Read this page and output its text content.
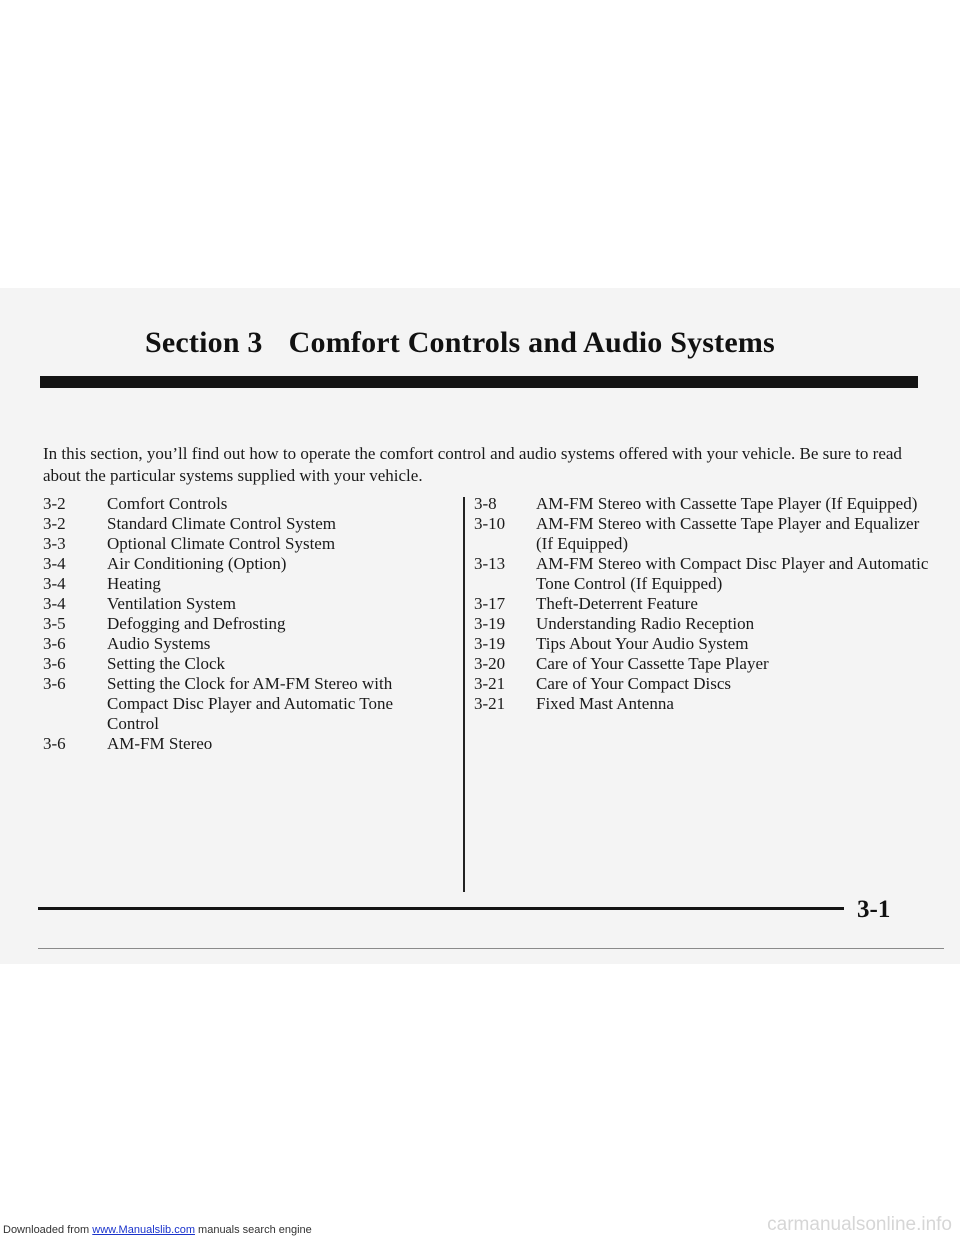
Section 3 Comfort Controls and Audio Systems

In this section, you’ll find out how to operate the comfort control and audio systems offered with your vehicle. Be sure to read about the particular systems supplied with your vehicle.

3-2	Comfort Controls
3-2	Standard Climate Control System
3-3	Optional Climate Control System
3-4	Air Conditioning (Option)
3-4	Heating
3-4	Ventilation System
3-5	Defogging and Defrosting
3-6	Audio Systems
3-6	Setting the Clock
3-6	Setting the Clock for AM-FM Stereo with Compact Disc Player and Automatic Tone Control
3-6	AM-FM Stereo
3-8	AM-FM Stereo with Cassette Tape Player (If Equipped)
3-10	AM-FM Stereo with Cassette Tape Player and Equalizer (If Equipped)
3-13	AM-FM Stereo with Compact Disc Player and Automatic Tone Control (If Equipped)
3-17	Theft-Deterrent Feature
3-19	Understanding Radio Reception
3-19	Tips About Your Audio System
3-20	Care of Your Cassette Tape Player
3-21	Care of Your Compact Discs
3-21	Fixed Mast Antenna

3-1

Downloaded from www.Manualslib.com manuals search engine	carmanualsonline.info
